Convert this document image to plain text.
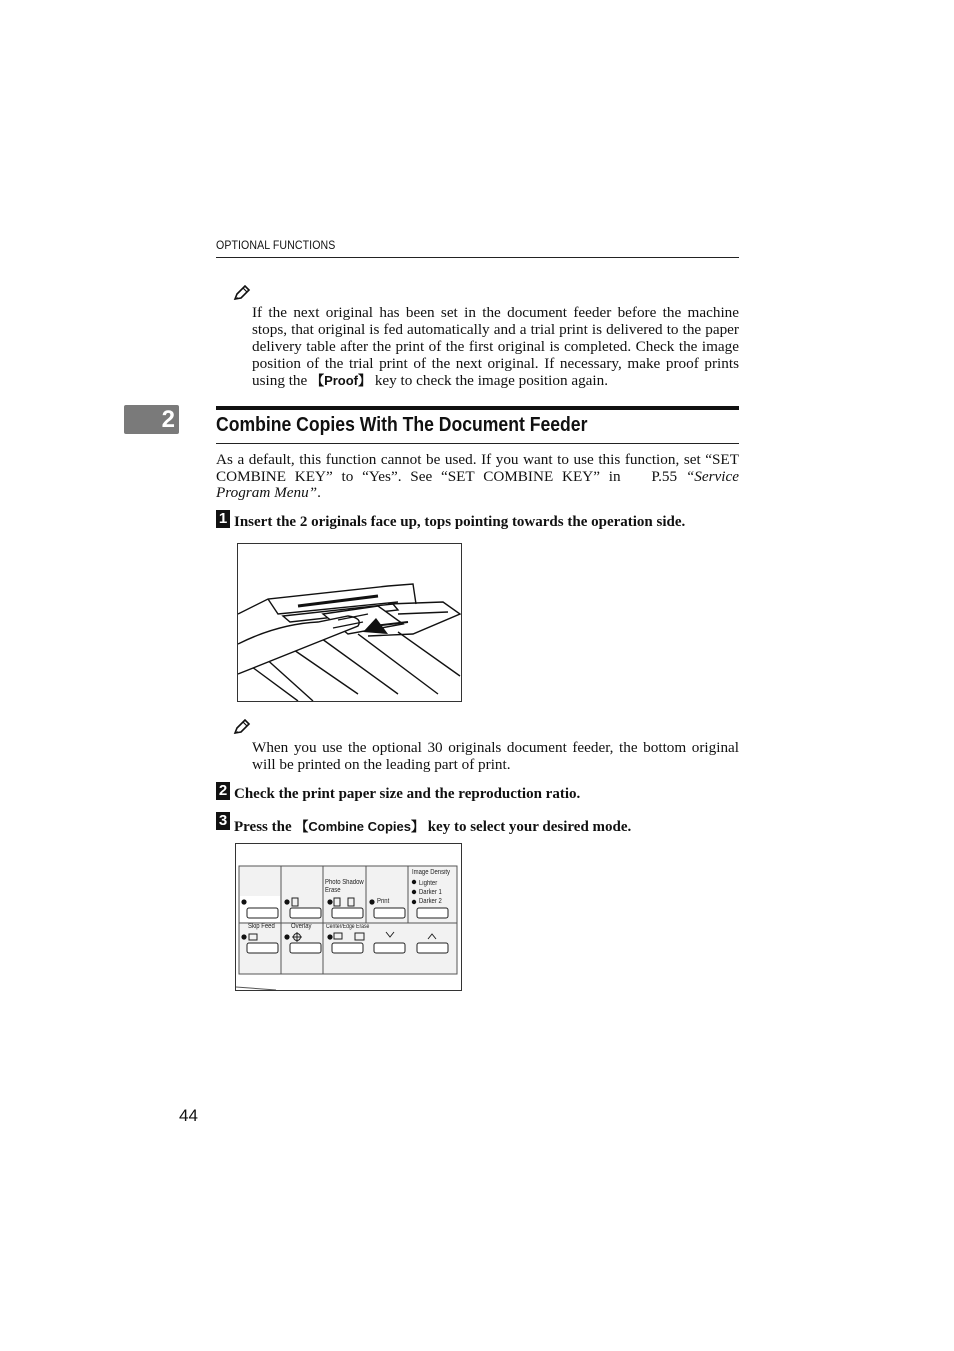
OPTIONAL FUNCTIONS
If the next original has been set in the document feeder before the machine stops, that original is fed automatically and a trial print is delivered to the paper delivery table after the print of the first original is completed. Check the image position of the trial print of the next original. If necessary, make proof prints using the 【Proof】 key to check the image position again.
2 Combine Copies With The Document Feeder
As a default, this function cannot be used. If you want to use this function, set “SET COMBINE KEY” to “Yes”. See “SET COMBINE KEY” in P.55 “Service Program Menu”.
1 Insert the 2 originals face up, tops pointing towards the operation side.
When you use the optional 30 originals document feeder, the bottom original will be printed on the leading part of print.
2 Check the print paper size and the reproduction ratio.
3 Press the 【Combine Copies】 key to select your desired mode.
Photo Shadow
Erase
Image Density
Lighter
Darker 1
Darker 2
Print
Skip Feed Overlay Center/Edge Erase
44
